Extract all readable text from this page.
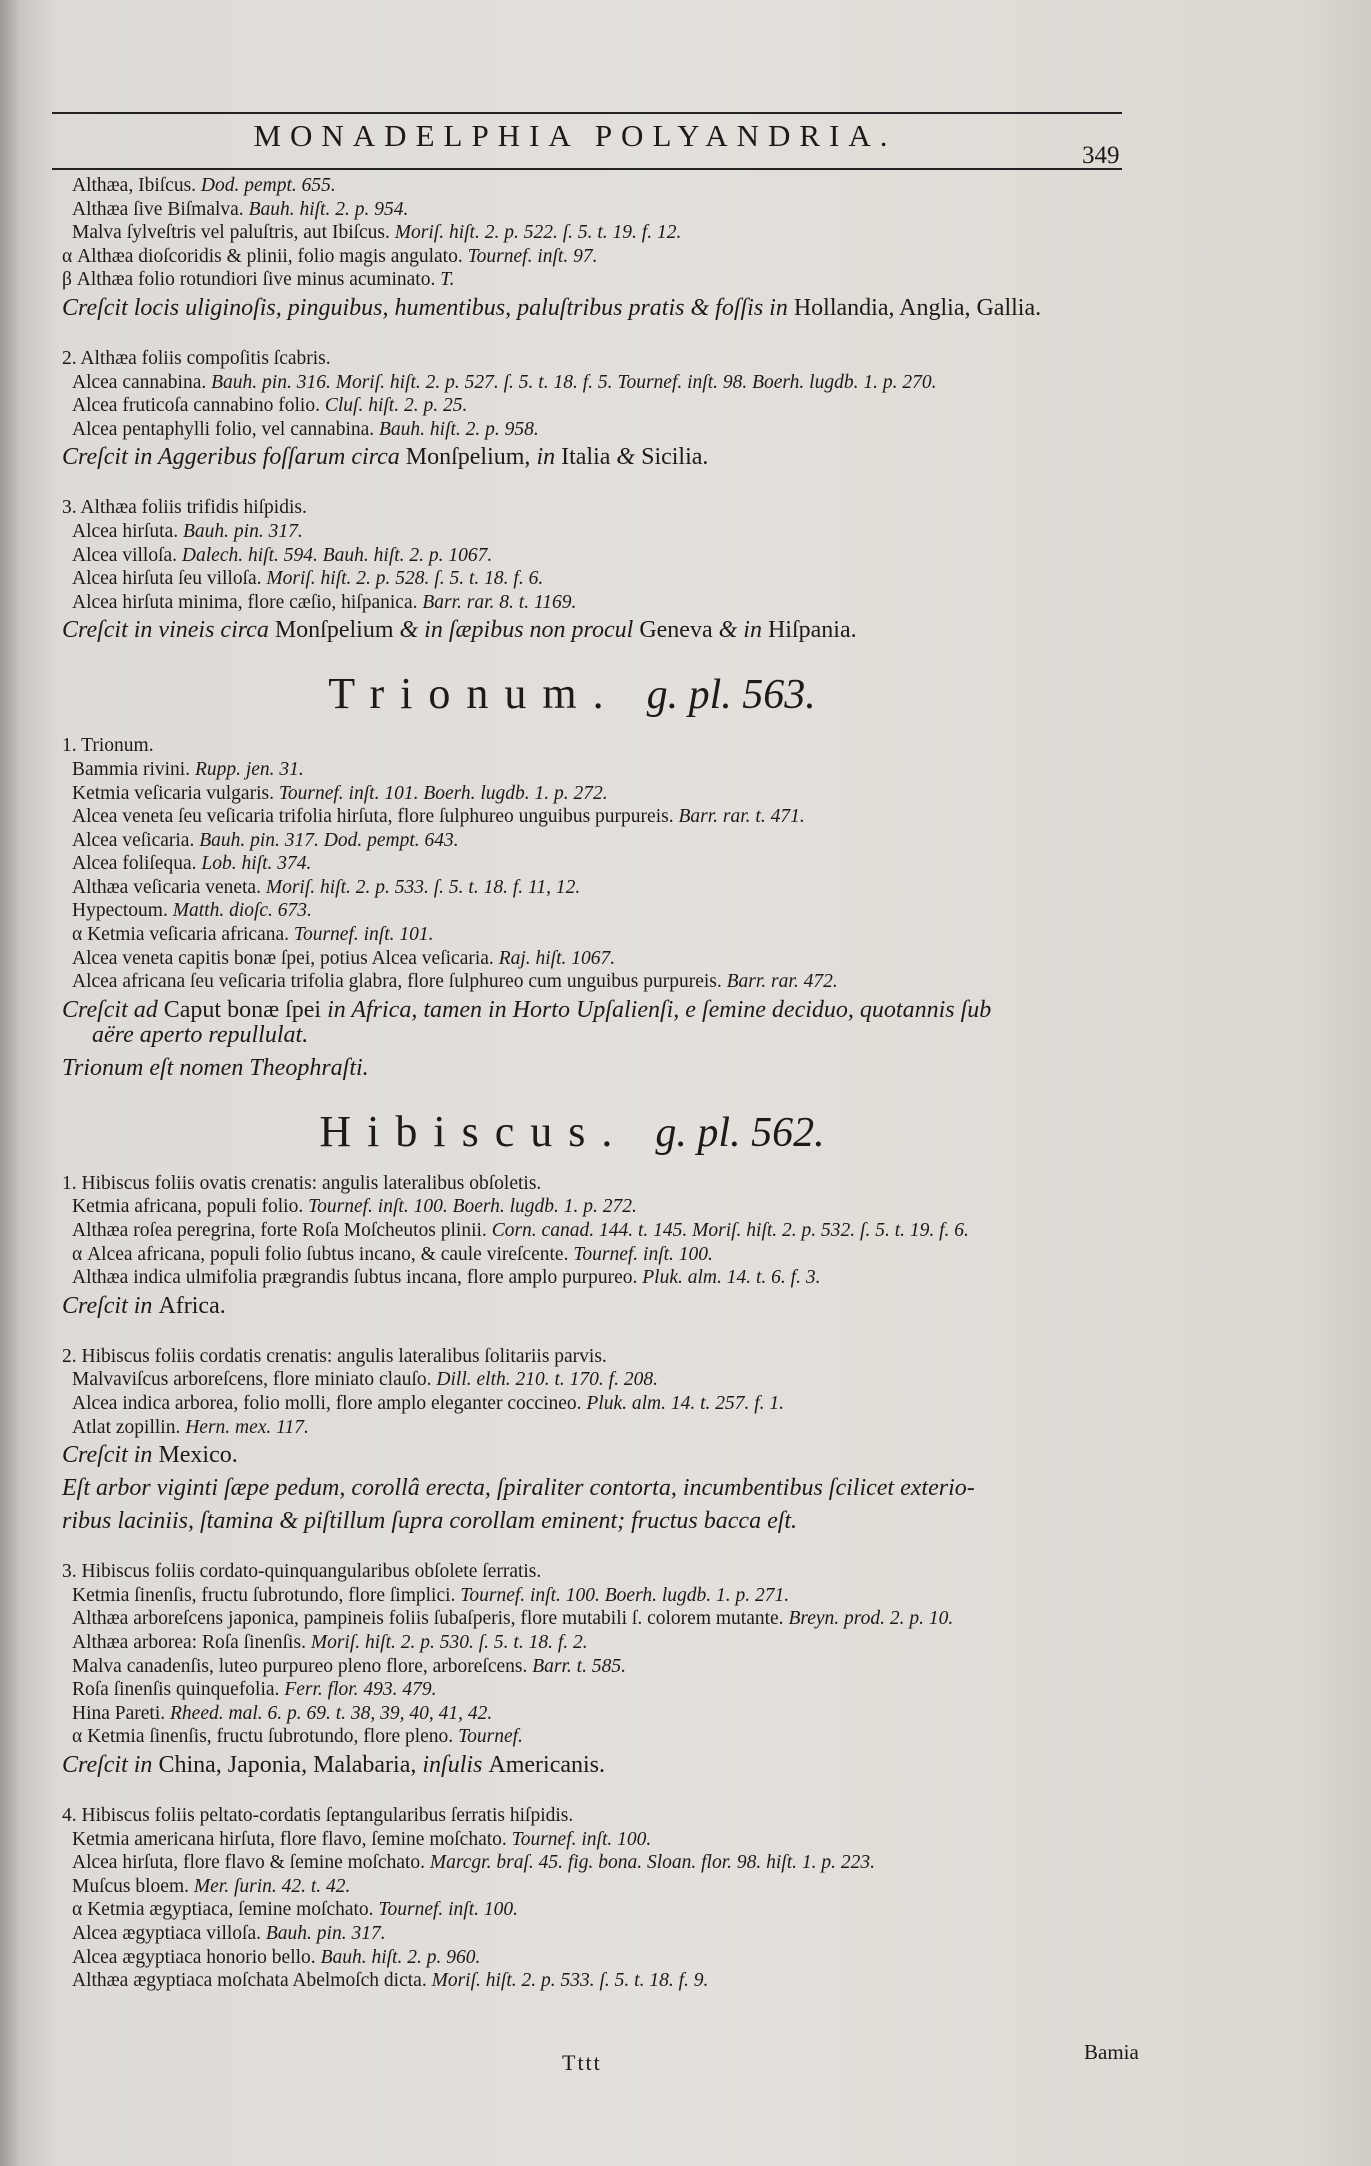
MONADELPHIA POLYANDRIA.
349
Althæa, Ibiſcus. Dod. pempt. 655.
Althæa ſive Biſmalva. Bauh. hiſt. 2. p. 954.
Malva ſylveſtris vel paluſtris, aut Ibiſcus. Moriſ. hiſt. 2. p. 522. ſ. 5. t. 19. f. 12.
α Althæa dioſcoridis & plinii, folio magis angulato. Tournef. inſt. 97.
β Althæa folio rotundiori ſive minus acuminato. T.
Creſcit locis uliginoſis, pinguibus, humentibus, paluſtribus pratis & foſſis in Hollandia, Anglia, Gallia.
2. Althæa foliis compoſitis ſcabris.
Alcea cannabina. Bauh. pin. 316. Moriſ. hiſt. 2. p. 527. ſ. 5. t. 18. f. 5. Tournef. inſt. 98. Boerh. lugdb. 1. p. 270.
Alcea fruticoſa cannabino folio. Cluſ. hiſt. 2. p. 25.
Alcea pentaphylli folio, vel cannabina. Bauh. hiſt. 2. p. 958.
Creſcit in Aggeribus foſſarum circa Monſpelium, in Italia & Sicilia.
3. Althæa foliis trifidis hiſpidis.
Alcea hirſuta. Bauh. pin. 317.
Alcea villoſa. Dalech. hiſt. 594. Bauh. hiſt. 2. p. 1067.
Alcea hirſuta ſeu villoſa. Moriſ. hiſt. 2. p. 528. ſ. 5. t. 18. f. 6.
Alcea hirſuta minima, flore cæſio, hiſpanica. Barr. rar. 8. t. 1169.
Creſcit in vineis circa Monſpelium & in ſæpibus non procul Geneva & in Hiſpania.
Trionum. g. pl. 563.
1. Trionum.
Bammia rivini. Rupp. jen. 31.
Ketmia veſicaria vulgaris. Tournef. inſt. 101. Boerh. lugdb. 1. p. 272.
Alcea veneta ſeu veſicaria trifolia hirſuta, flore ſulphureo unguibus purpureis. Barr. rar. t. 471.
Alcea veſicaria. Bauh. pin. 317. Dod. pempt. 643.
Alcea foliſequa. Lob. hiſt. 374.
Althæa veſicaria veneta. Moriſ. hiſt. 2. p. 533. ſ. 5. t. 18. f. 11, 12.
Hypectoum. Matth. dioſc. 673.
α Ketmia veſicaria africana. Tournef. inſt. 101.
Alcea veneta capitis bonæ ſpei, potius Alcea veſicaria. Raj. hiſt. 1067.
Alcea africana ſeu veſicaria trifolia glabra, flore ſulphureo cum unguibus purpureis. Barr. rar. 472.
Creſcit ad Caput bonæ ſpei in Africa, tamen in Horto Upſalienſi, e ſemine deciduo, quotannis ſub
aëre aperto repullulat.
Trionum eſt nomen Theophraſti.
Hibiscus. g. pl. 562.
1. Hibiscus foliis ovatis crenatis: angulis lateralibus obſoletis.
Ketmia africana, populi folio. Tournef. inſt. 100. Boerh. lugdb. 1. p. 272.
Althæa roſea peregrina, forte Roſa Moſcheutos plinii. Corn. canad. 144. t. 145. Moriſ. hiſt. 2. p. 532. ſ. 5. t. 19. f. 6.
α Alcea africana, populi folio ſubtus incano, & caule vireſcente. Tournef. inſt. 100.
Althæa indica ulmifolia prægrandis ſubtus incana, flore amplo purpureo. Pluk. alm. 14. t. 6. f. 3.
Creſcit in Africa.
2. Hibiscus foliis cordatis crenatis: angulis lateralibus ſolitariis parvis.
Malvaviſcus arboreſcens, flore miniato clauſo. Dill. elth. 210. t. 170. f. 208.
Alcea indica arborea, folio molli, flore amplo eleganter coccineo. Pluk. alm. 14. t. 257. f. 1.
Atlat zopillin. Hern. mex. 117.
Creſcit in Mexico.
Eſt arbor viginti ſæpe pedum, corollâ erecta, ſpiraliter contorta, incumbentibus ſcilicet exterio-
ribus laciniis, ſtamina & piſtillum ſupra corollam eminent; fructus bacca eſt.
3. Hibiscus foliis cordato-quinquangularibus obſolete ſerratis.
Ketmia ſinenſis, fructu ſubrotundo, flore ſimplici. Tournef. inſt. 100. Boerh. lugdb. 1. p. 271.
Althæa arboreſcens japonica, pampineis foliis ſubaſperis, flore mutabili ſ. colorem mutante. Breyn. prod. 2. p. 10.
Althæa arborea: Roſa ſinenſis. Moriſ. hiſt. 2. p. 530. ſ. 5. t. 18. f. 2.
Malva canadenſis, luteo purpureo pleno flore, arboreſcens. Barr. t. 585.
Roſa ſinenſis quinquefolia. Ferr. flor. 493. 479.
Hina Pareti. Rheed. mal. 6. p. 69. t. 38, 39, 40, 41, 42.
α Ketmia ſinenſis, fructu ſubrotundo, flore pleno. Tournef.
Creſcit in China, Japonia, Malabaria, inſulis Americanis.
4. Hibiscus foliis peltato-cordatis ſeptangularibus ſerratis hiſpidis.
Ketmia americana hirſuta, flore flavo, ſemine moſchato. Tournef. inſt. 100.
Alcea hirſuta, flore flavo & ſemine moſchato. Marcgr. braſ. 45. fig. bona. Sloan. flor. 98. hiſt. 1. p. 223.
Muſcus bloem. Mer. ſurin. 42. t. 42.
α Ketmia ægyptiaca, ſemine moſchato. Tournef. inſt. 100.
Alcea ægyptiaca villoſa. Bauh. pin. 317.
Alcea ægyptiaca honorio bello. Bauh. hiſt. 2. p. 960.
Althæa ægyptiaca moſchata Abelmoſch dicta. Moriſ. hiſt. 2. p. 533. ſ. 5. t. 18. f. 9.
Tttt	Bamia
